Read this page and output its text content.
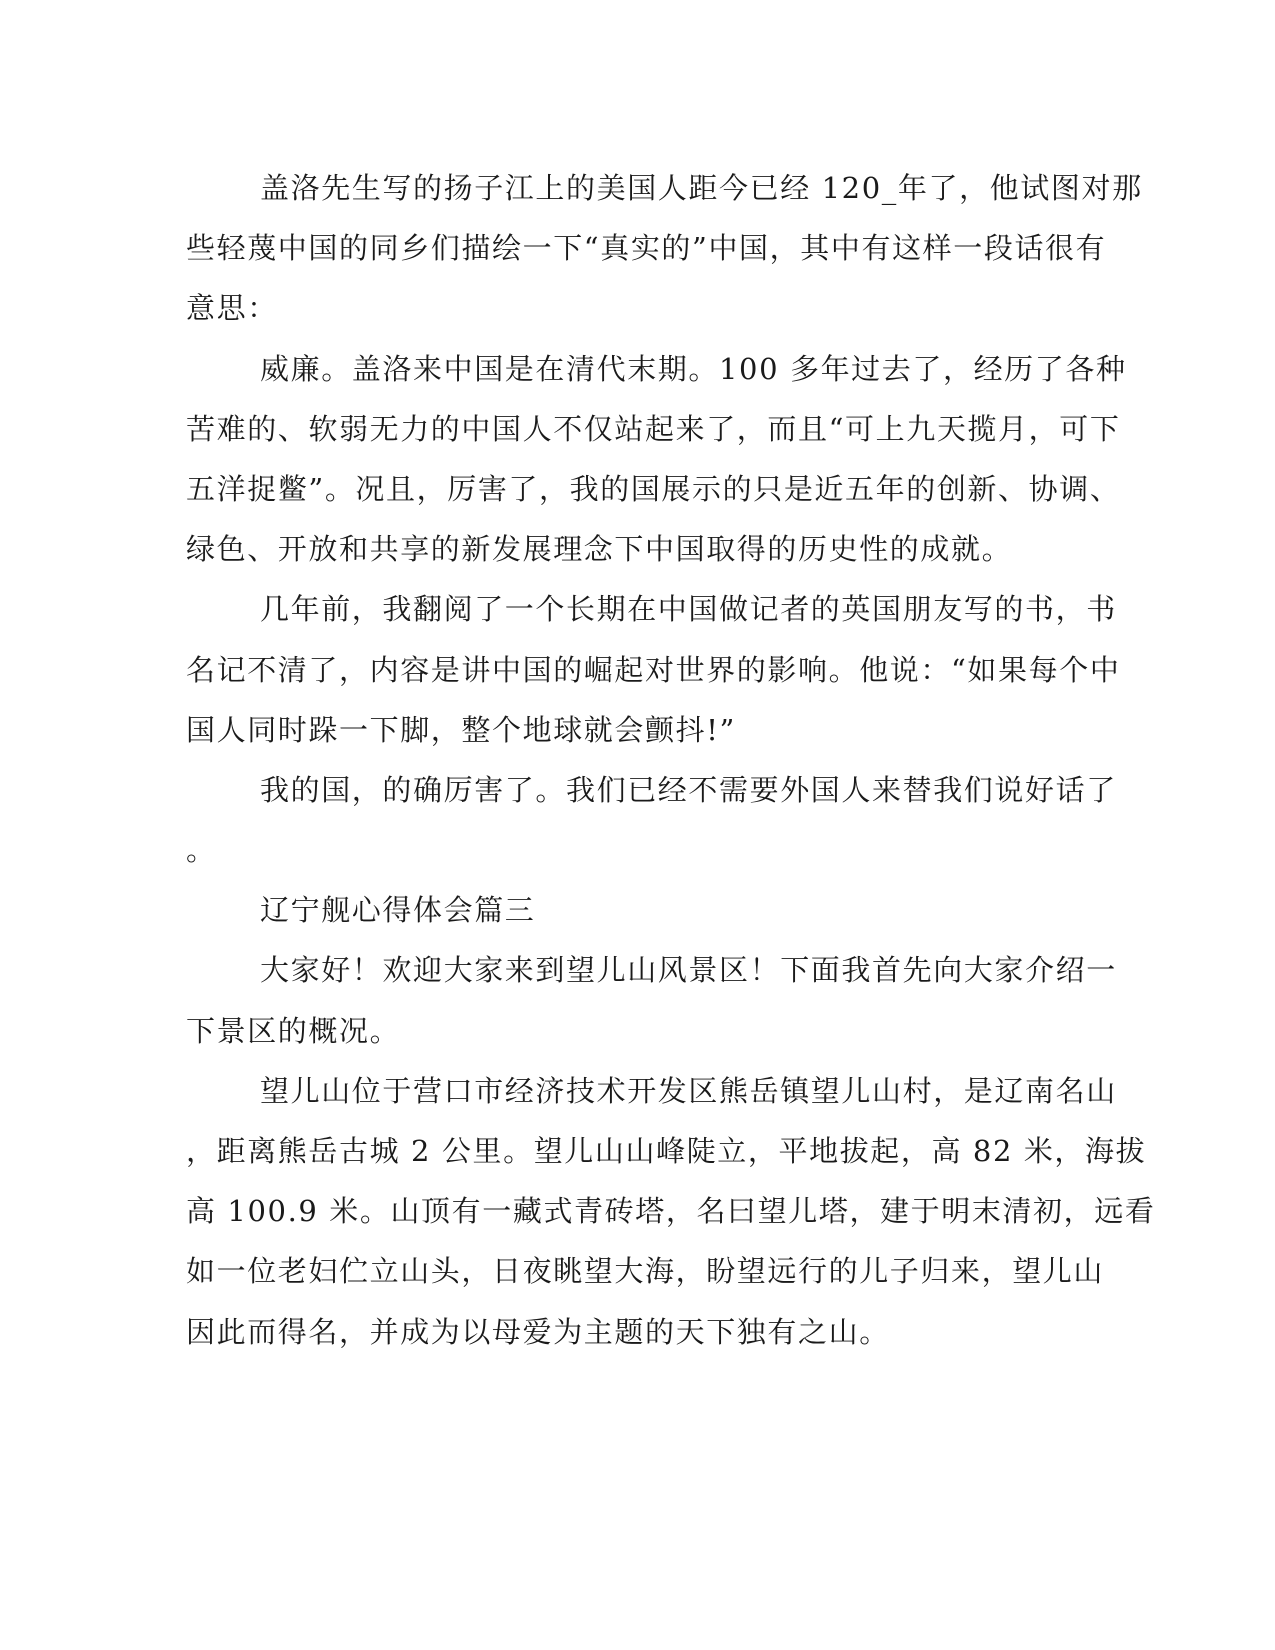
盖洛先生写的扬子江上的美国人距今已经 120_年了，他试图对那
些轻蔑中国的同乡们描绘一下“真实的”中国，其中有这样一段话很有
意思：

威廉。盖洛来中国是在清代末期。100 多年过去了，经历了各种
苦难的、软弱无力的中国人不仅站起来了，而且“可上九天揽月，可下
五洋捉鳖”。况且，厉害了，我的国展示的只是近五年的创新、协调、
绿色、开放和共享的新发展理念下中国取得的历史性的成就。

几年前，我翻阅了一个长期在中国做记者的英国朋友写的书，书
名记不清了，内容是讲中国的崛起对世界的影响。他说：“如果每个中
国人同时跺一下脚，整个地球就会颤抖!”

我的国，的确厉害了。我们已经不需要外国人来替我们说好话了
。

辽宁舰心得体会篇三

大家好！欢迎大家来到望儿山风景区！下面我首先向大家介绍一
下景区的概况。

望儿山位于营口市经济技术开发区熊岳镇望儿山村，是辽南名山
，距离熊岳古城 2 公里。望儿山山峰陡立，平地拔起，高 82 米，海拔
高 100.9 米。山顶有一藏式青砖塔，名曰望儿塔，建于明末清初，远看
如一位老妇伫立山头，日夜眺望大海，盼望远行的儿子归来，望儿山
因此而得名，并成为以母爱为主题的天下独有之山。
